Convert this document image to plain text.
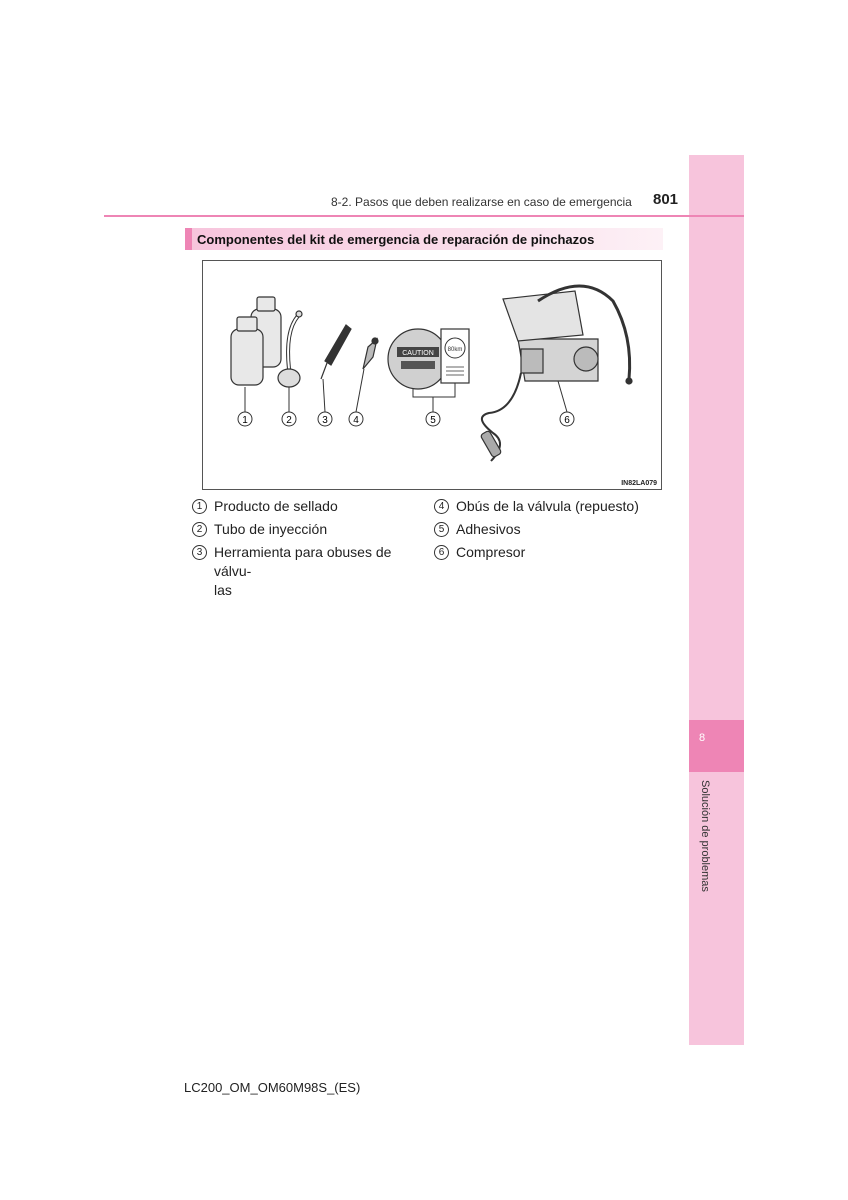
8
Solución de problemas
8-2. Pasos que deben realizarse en caso de emergencia 801
Componentes del kit de emergencia de reparación de pinchazos
CAUTION 80km
1	2	3	4	5	6
IN82LA079
1 Producto de sellado
2 Tubo de inyección
3 Herramienta para obuses de válvu-
las
4 Obús de la válvula (repuesto)
5 Adhesivos
6 Compresor
LC200_OM_OM60M98S_(ES)
